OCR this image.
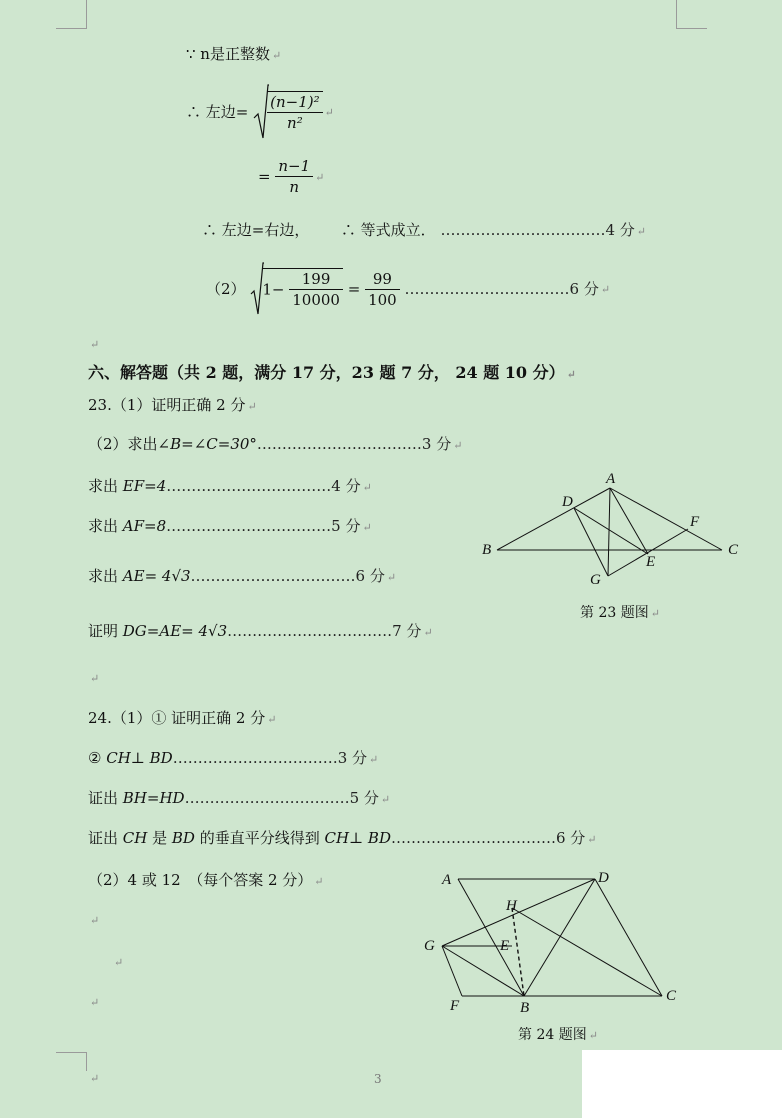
∵ n是正整数 ↵
∴ 左边= $\frac{\text{(n−1)²}}{\text{n²}}$ ↵
= $\frac{n-1}{n}$ ↵
∴ 左边=右边， ∴ 等式成立． ……………………………4 分 ↵
（2） $1- \frac{199}{10000} = \frac{99}{100}$ ……………………………6 分 ↵
↵
六、解答题（共 2 题，满分 17 分，23 题 7 分， 24 题 10 分） ↵
23.（1）证明正确 2 分 ↵
（2）求出∠B=∠C=30°……………………………3 分 ↵
求出 EF=4……………………………4 分 ↵
求出 AF=8……………………………5 分 ↵
求出 AE= 4√3……………………………6 分 ↵
证明 DG=AE= 4√3……………………………7 分 ↵
A
D
F
B
E
C
G
第 23 题图 ↵
↵
24.（1）① 证明正确 2 分 ↵
② CH⊥ BD……………………………3 分 ↵
证出 BH=HD……………………………5 分 ↵
证出 CH 是 BD 的垂直平分线得到 CH⊥ BD……………………………6 分 ↵
（2）4 或 12　（每个答案 2 分） ↵
↵
↵
↵
A	D
H
G	E
F	B
C
第 24 题图 ↵
↵	3
